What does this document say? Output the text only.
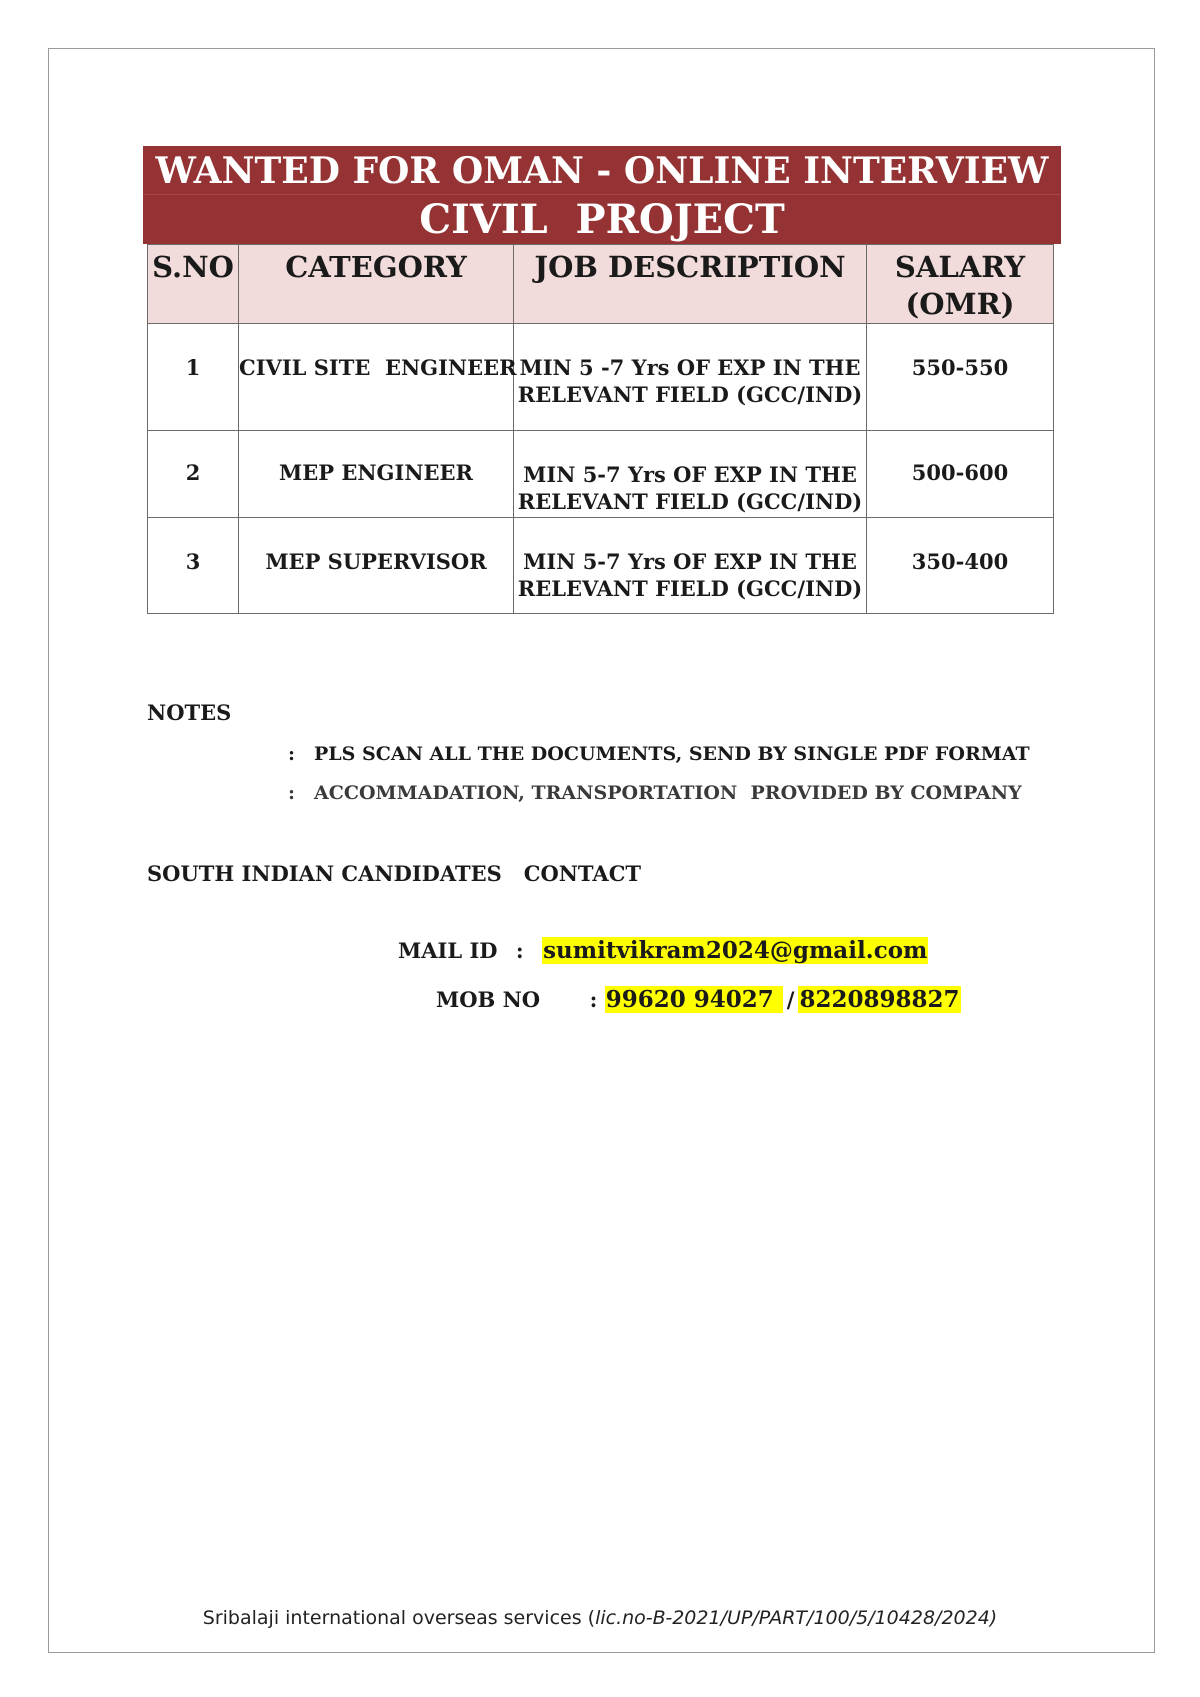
WANTED FOR OMAN - ONLINE INTERVIEW
CIVIL  PROJECT
S.NO	CATEGORY	JOB DESCRIPTION	SALARY
(OMR)
1	CIVIL SITE  ENGINEER	MIN 5 -7 Yrs OF EXP IN THE
RELEVANT FIELD (GCC/IND)	550-550
2	MEP ENGINEER	MIN 5-7 Yrs OF EXP IN THE
RELEVANT FIELD (GCC/IND)	500-600
3	MEP SUPERVISOR	MIN 5-7 Yrs OF EXP IN THE
RELEVANT FIELD (GCC/IND)	350-400
NOTES
: PLS SCAN ALL THE DOCUMENTS, SEND BY SINGLE PDF FORMAT
: ACCOMMADATION, TRANSPORTATION  PROVIDED BY COMPANY
SOUTH INDIAN CANDIDATES   CONTACT
MAIL ID : sumitvikram2024@gmail.com
MOB NO : 99620 94027 / 8220898827
Sribalaji international overseas services (lic.no-B-2021/UP/PART/100/5/10428/2024)
